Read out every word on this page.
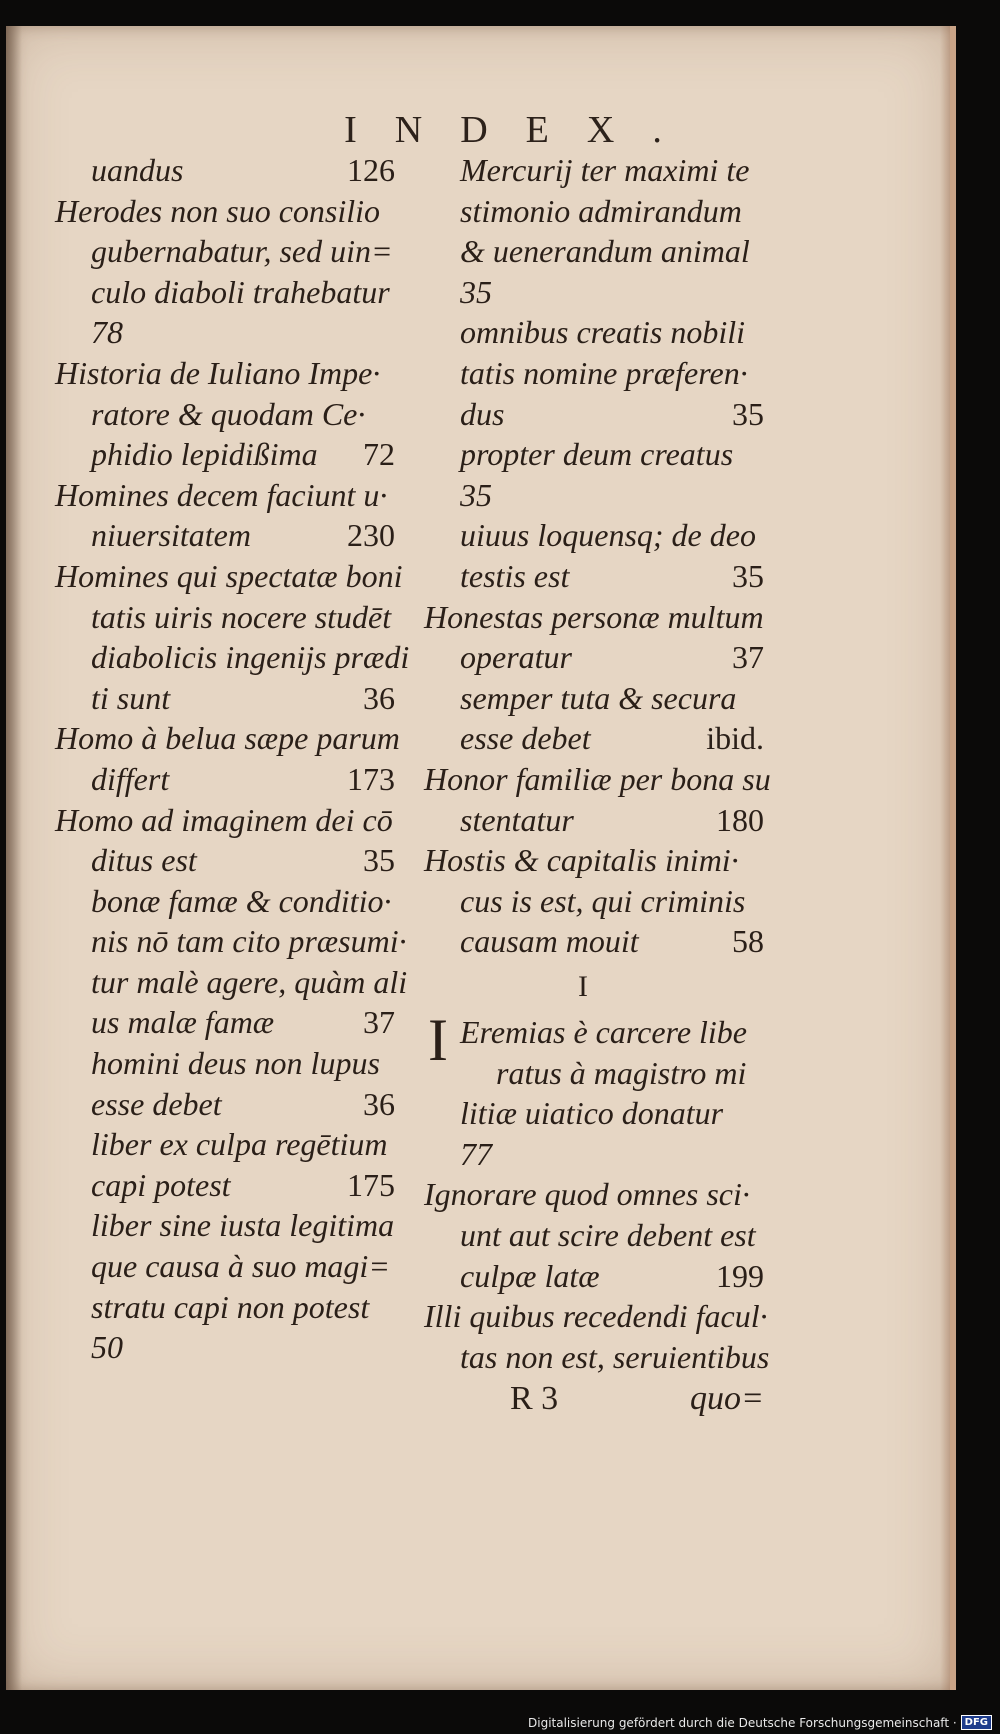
INDEX.
uandus	126
Herodes non suo consilio
gubernabatur, sed uin=
culo diaboli trahebatur
78
Historia de Iuliano Impe·
ratore & quodam Ce·
phidio lepidißima 72
Homines decem faciunt u·
niuersitatem	230
Homines qui spectatæ boni
tatis uiris nocere studēt
diabolicis ingenijs prædi
ti sunt	36
Homo à belua sæpe parum
differt	173
Homo ad imaginem dei cō
ditus est	35
bonæ famæ & conditio·
nis nō tam cito præsumi·
tur malè agere, quàm ali
us malæ famæ	37
homini deus non lupus
esse debet	36
liber ex culpa regētium
capi potest	175
liber sine iusta legitima
que causa à suo magi=
stratu capi non potest
50
Mercurij ter maximi te
stimonio admirandum
& uenerandum animal
35
omnibus creatis nobili
tatis nomine præferen·
dus	35
propter deum creatus
35
uiuus loquensq; de deo
testis est	35
Honestas personæ multum
operatur	37
semper tuta & secura
esse debet	ibid.
Honor familiæ per bona su
stentatur	180
Hostis & capitalis inimi·
cus is est, qui criminis
causam mouit	58
I
I Eremias è carcere libe
ratus à magistro mi
litiæ uiatico donatur
77
Ignorare quod omnes sci·
unt aut scire debent est
culpæ latæ	199
Illi quibus recedendi facul·
tas non est, seruientibus
R 3	quo=
Digitalisierung gefördert durch die Deutsche Forschungsgemeinschaft · DFG
